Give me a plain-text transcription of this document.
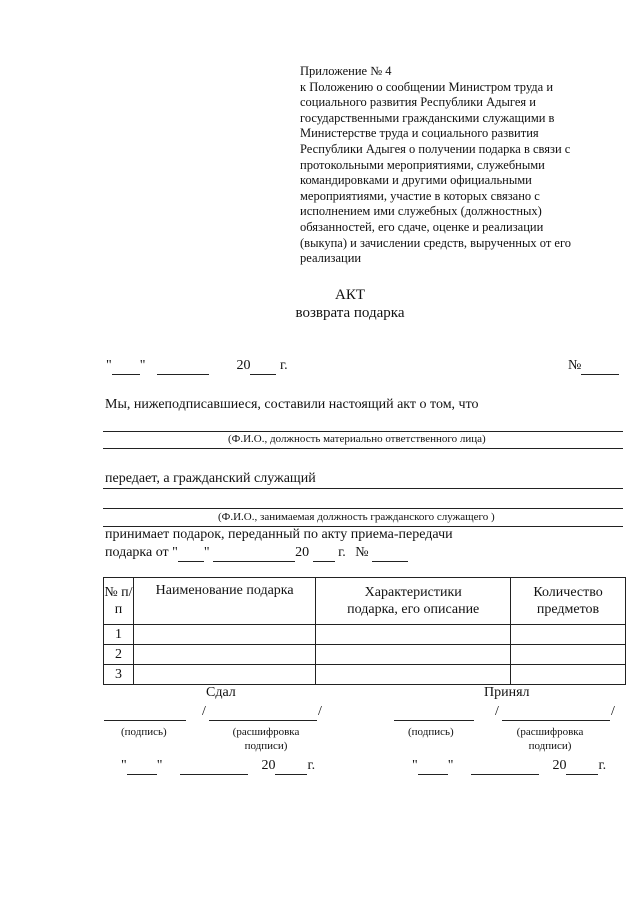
Приложение № 4
к Положению о сообщении Министром труда и
социального развития Республики Адыгея и
государственными гражданскими служащими в
Министерстве труда и социального развития
Республики Адыгея о получении подарка в связи с
протокольными мероприятиями, служебными
командировками и другими официальными
мероприятиями, участие в которых связано с
исполнением ими служебных (должностных)
обязанностей, его сдаче, оценке и реализации
(выкупа) и зачислении средств, вырученных от его
реализации
АКТ
возврата подарка
" "	20 г.	№
Мы, нижеподписавшиеся, составили настоящий акт о том, что
(Ф.И.О., должность материально ответственного лица)
передает, а гражданский служащий
(Ф.И.О., занимаемая должность гражданского служащего )
принимает подарок, переданный по акту приема-передачи
подарка от " "	20 г. №
№ п/п	Наименование подарка	Характеристики подарка, его описание	Количество предметов
1			
2			
3			
Сдал
/	/
(подпись)	(расшифровка
подписи)
" "	20 г.
Принял
/	/
(подпись)	(расшифровка
подписи)
" "	20 г.
